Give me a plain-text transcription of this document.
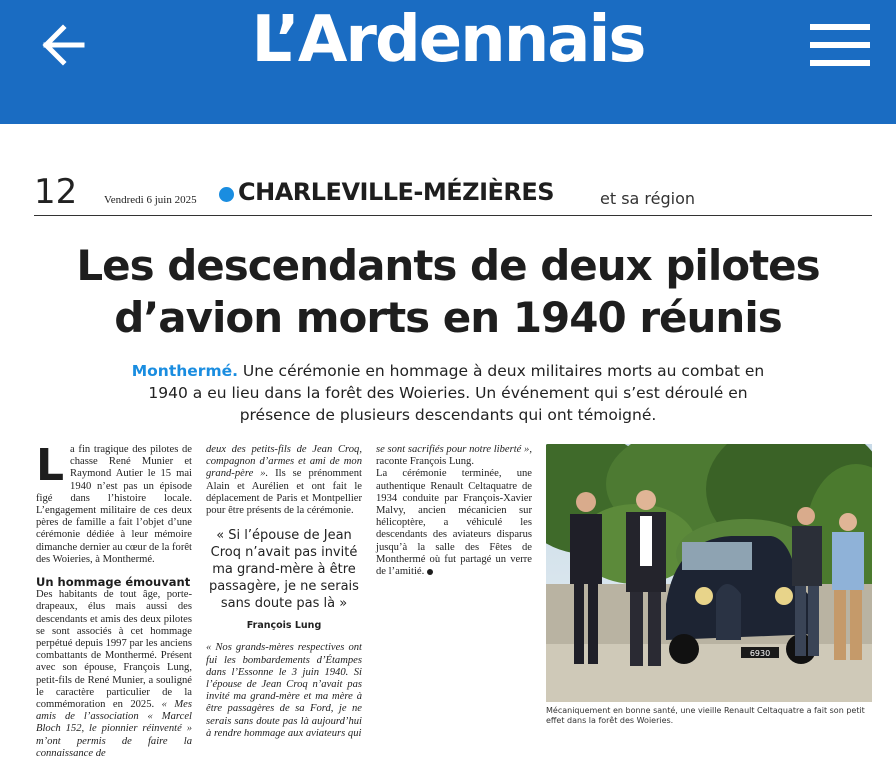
L’Ardennais
12 Vendredi 6 juin 2025 CHARLEVILLE-MÉZIÈRES	et sa région
Les descendants de deux pilotes
d’avion morts en 1940 réunis
Monthermé. Une cérémonie en hommage à deux militaires morts au combat en 1940 a eu lieu dans la forêt des Woieries. Un événement qui s’est déroulé en présence de plusieurs descendants qui ont témoigné.

La fin tragique des pilotes de chasse René Munier et Raymond Autier le 15 mai 1940 n’est pas un épisode figé dans l’histoire locale. L’engagement militaire de ces deux pères de famille a fait l’objet d’une cérémonie dédiée à leur mémoire dimanche dernier au cœur de la forêt des Woieries, à Monthermé.

Un hommage émouvant

Des habitants de tout âge, porte-drapeaux, élus mais aussi des descendants et amis des deux pilotes se sont associés à cet hommage perpétué depuis 1997 par les anciens combattants de Monthermé. Présent avec son épouse, François Lung, petit-fils de René Munier, a souligné le caractère particulier de la commémoration en 2025. « Mes amis de l’association « Marcel Bloch 152, le pionnier réinventé » m’ont permis de faire la connaissance de

deux des petits-fils de Jean Croq, compagnon d’armes et ami de mon grand-père ». Ils se prénomment Alain et Aurélien et ont fait le déplacement de Paris et Montpellier pour être présents de la cérémonie.

« Si l’épouse de Jean Croq n’avait pas invité ma grand-mère à être passagère, je ne serais sans doute pas là »
François Lung

« Nos grands-mères respectives ont fui les bombardements d’Étampes dans l’Essonne le 3 juin 1940. Si l’épouse de Jean Croq n’avait pas invité ma grand-mère et ma mère à être passagères de sa Ford, je ne serais sans doute pas là aujourd’hui à rendre hommage aux aviateurs qui

se sont sacrifiés pour notre liberté », raconte François Lung.

La cérémonie terminée, une authentique Renault Celtaquatre de 1934 conduite par François-Xavier Malvy, ancien mécanicien sur hélicoptère, a véhiculé les descendants des aviateurs disparus jusqu’à la salle des Fêtes de Monthermé où fut partagé un verre de l’amitié.

6930
Mécaniquement en bonne santé, une vieille Renault Celtaquatre a fait son petit effet dans la forêt des Woieries.
